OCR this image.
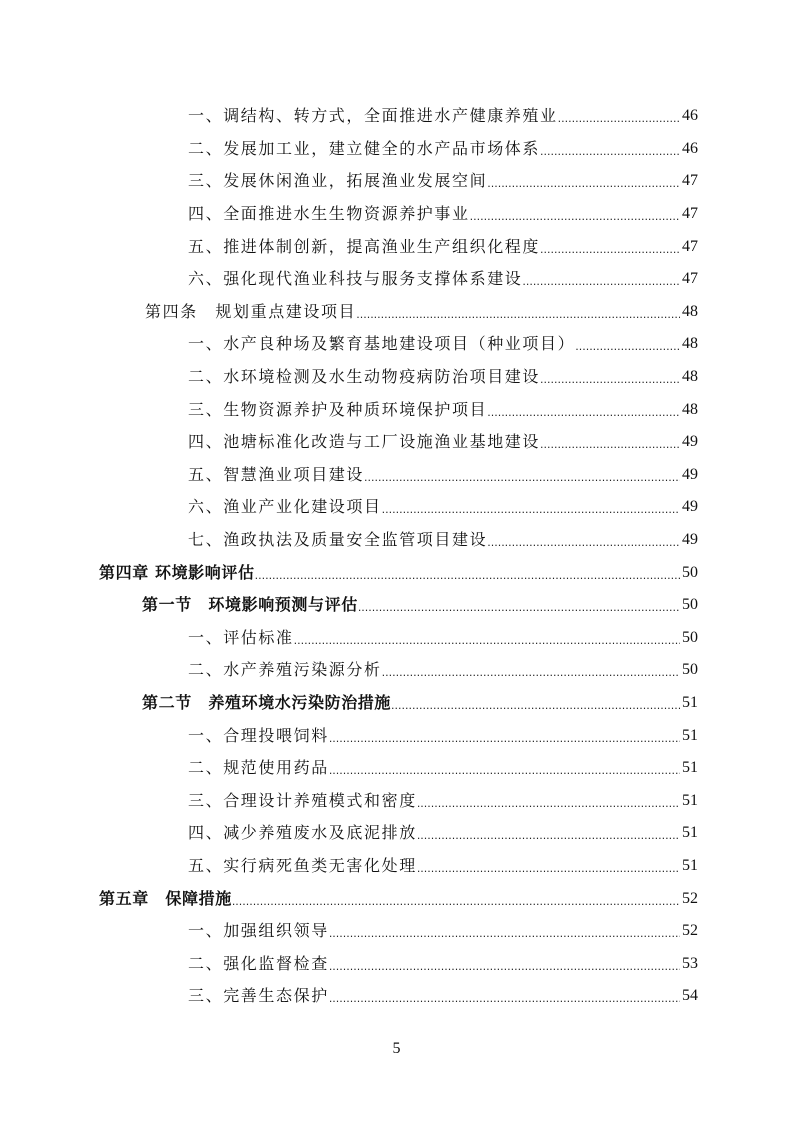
一、调结构、转方式，全面推进水产健康养殖业 .....	46
二、发展加工业，建立健全的水产品市场体系 .....	46
三、发展休闲渔业，拓展渔业发展空间 .....	47
四、全面推进水生生物资源养护事业 .....	47
五、推进体制创新，提高渔业生产组织化程度 .....	47
六、强化现代渔业科技与服务支撑体系建设 .....	47
第四条　规划重点建设项目 .....	48
一、水产良种场及繁育基地建设项目（种业项目） .....	48
二、水环境检测及水生动物疫病防治项目建设 .....	48
三、生物资源养护及种质环境保护项目 .....	48
四、池塘标准化改造与工厂设施渔业基地建设 .....	49
五、智慧渔业项目建设 .....	49
六、渔业产业化建设项目 .....	49
七、渔政执法及质量安全监管项目建设 .....	49
第四章 环境影响评估 .....	50
第一节　环境影响预测与评估 .....	50
一、评估标准 .....	50
二、水产养殖污染源分析 .....	50
第二节　养殖环境水污染防治措施 .....	51
一、合理投喂饲料 .....	51
二、规范使用药品 .....	51
三、合理设计养殖模式和密度 .....	51
四、减少养殖废水及底泥排放 .....	51
五、实行病死鱼类无害化处理 .....	51
第五章　保障措施 .....	52
一、加强组织领导 .....	52
二、强化监督检查 .....	53
三、完善生态保护 .....	54
5
